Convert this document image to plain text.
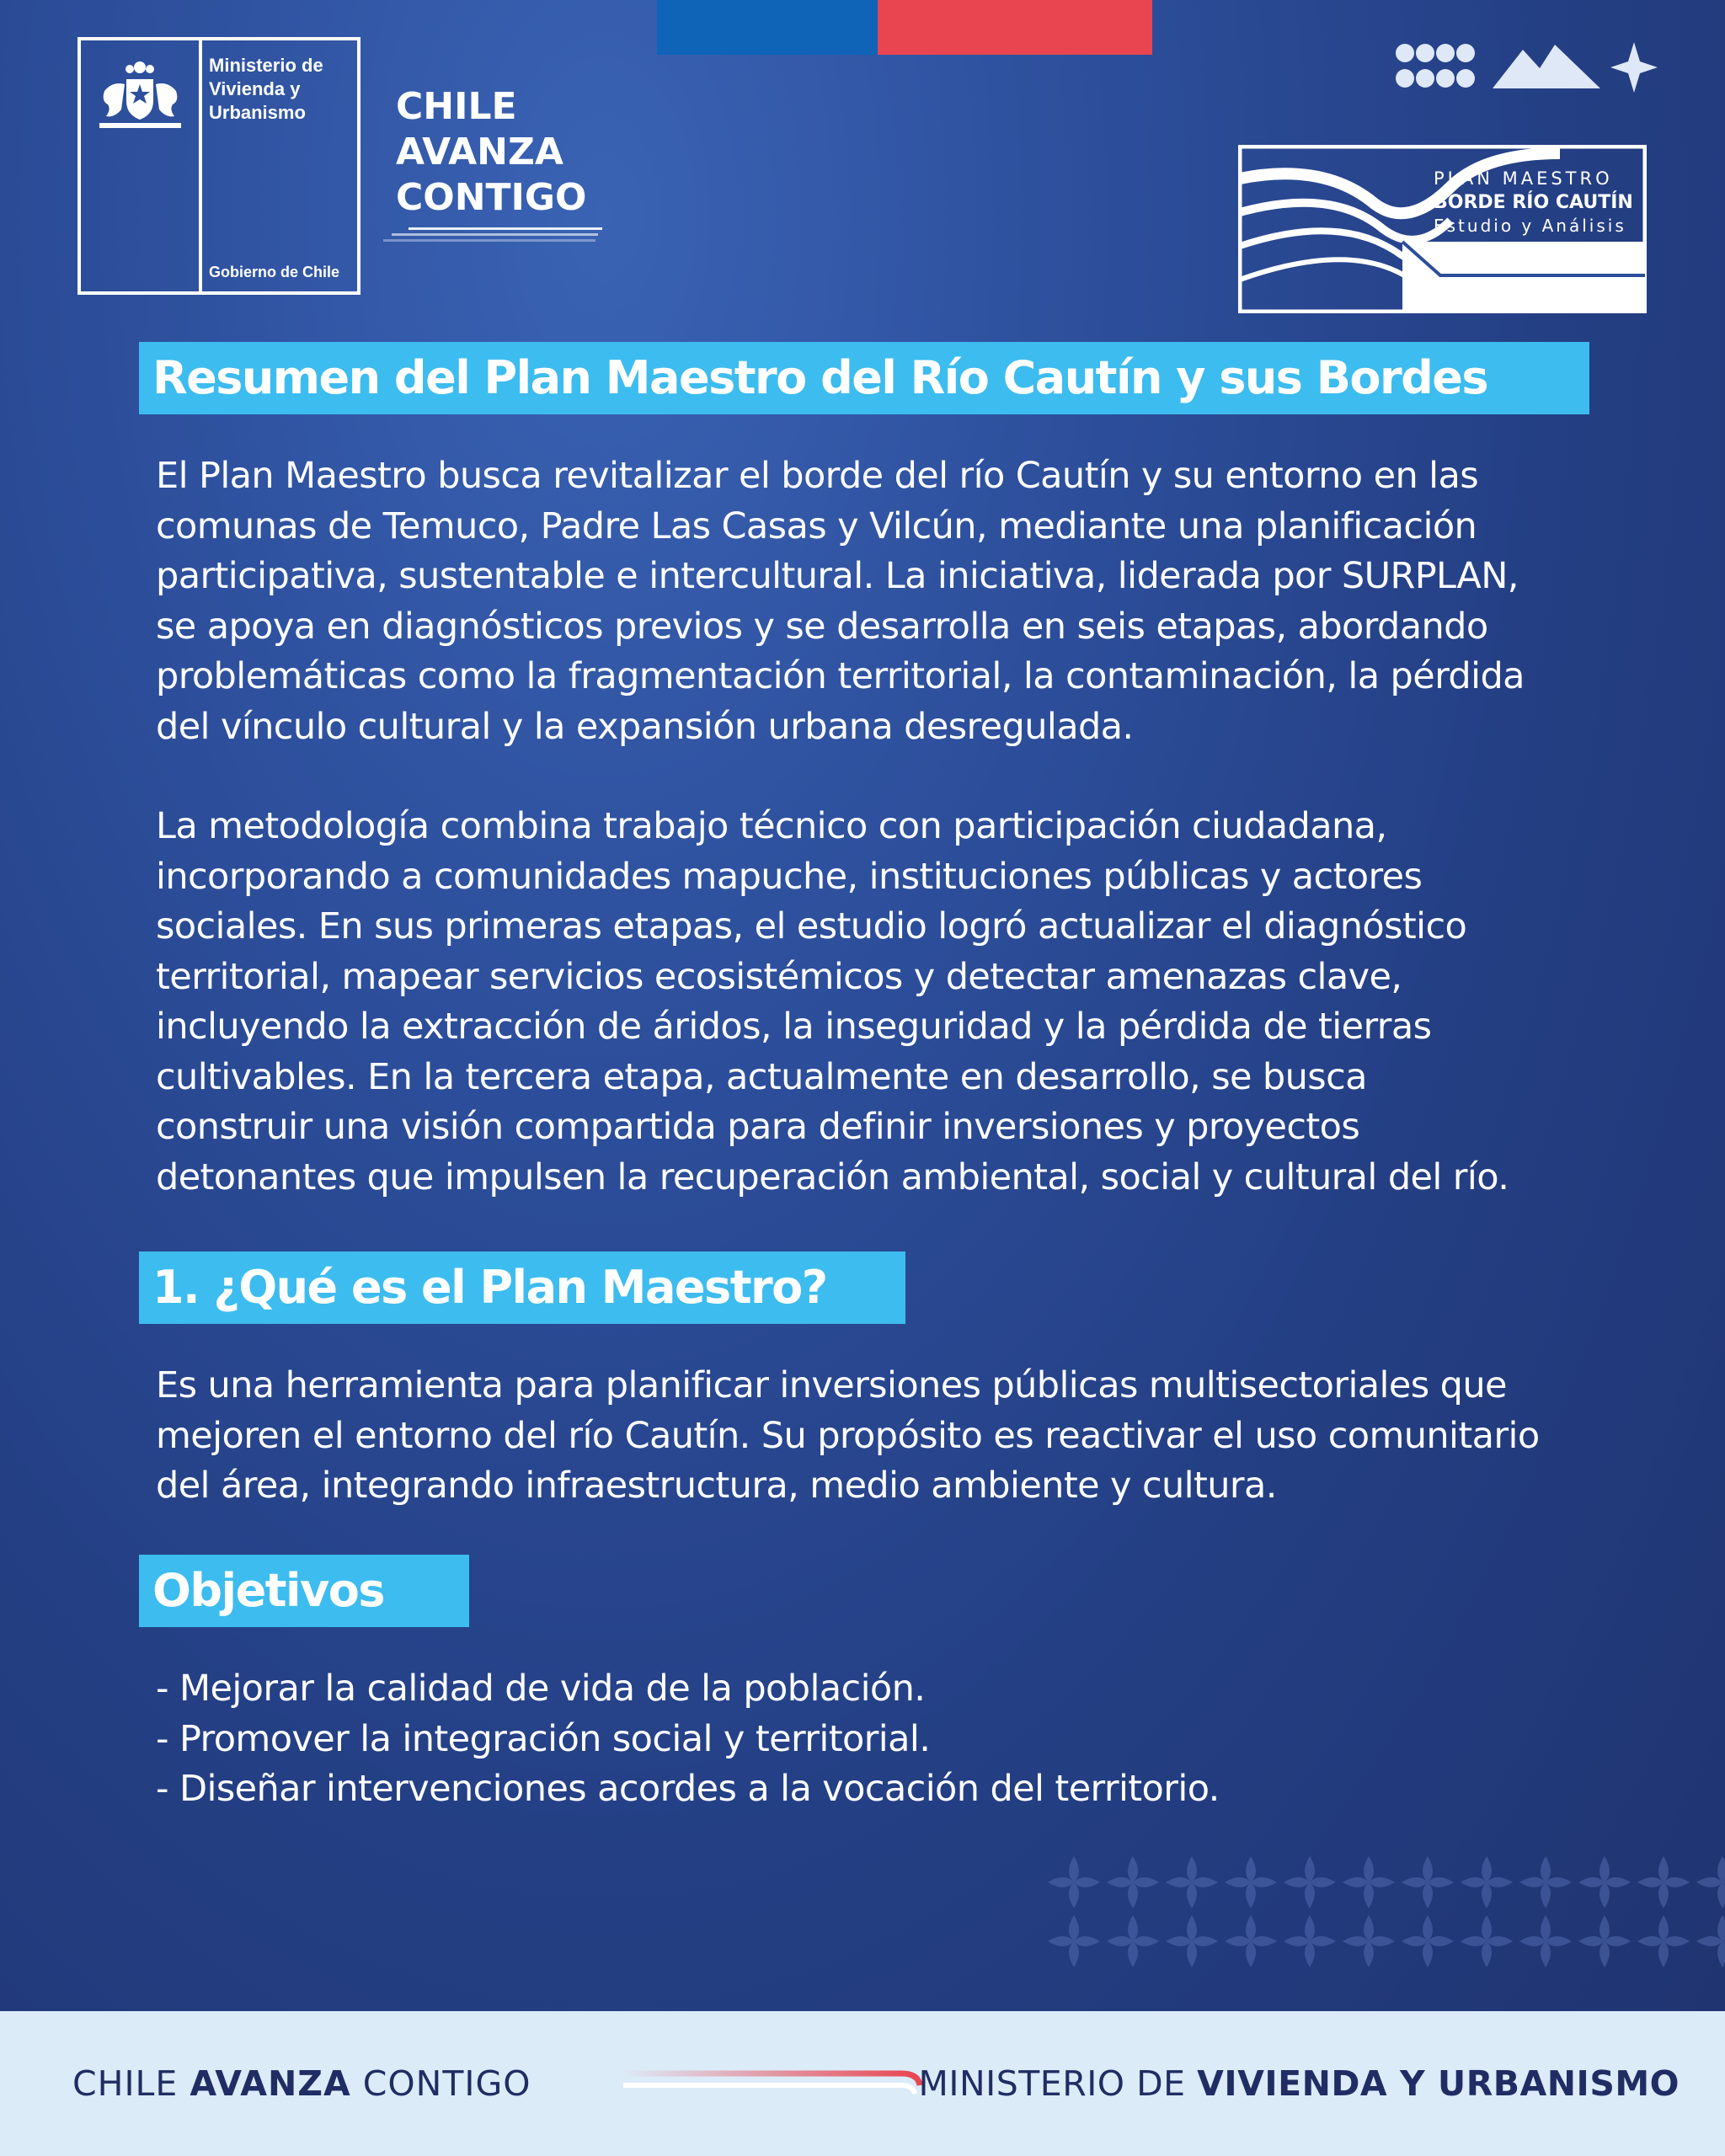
Ministerio de
Vivienda y
Urbanismo
Gobierno de Chile
CHILE
AVANZA
CONTIGO	PLAN MAESTRO
BORDE RÍO CAUTÍN
Estudio y Análisis
Resumen del Plan Maestro del Río Cautín y sus Bordes
El Plan Maestro busca revitalizar el borde del río Cautín y su entorno en las
comunas de Temuco, Padre Las Casas y Vilcún, mediante una planificación
participativa, sustentable e intercultural. La iniciativa, liderada por SURPLAN,
se apoya en diagnósticos previos y se desarrolla en seis etapas, abordando
problemáticas como la fragmentación territorial, la contaminación, la pérdida
del vínculo cultural y la expansión urbana desregulada.
La metodología combina trabajo técnico con participación ciudadana,
incorporando a comunidades mapuche, instituciones públicas y actores
sociales. En sus primeras etapas, el estudio logró actualizar el diagnóstico
territorial, mapear servicios ecosistémicos y detectar amenazas clave,
incluyendo la extracción de áridos, la inseguridad y la pérdida de tierras
cultivables. En la tercera etapa, actualmente en desarrollo, se busca
construir una visión compartida para definir inversiones y proyectos
detonantes que impulsen la recuperación ambiental, social y cultural del río.
1. ¿Qué es el Plan Maestro?
Es una herramienta para planificar inversiones públicas multisectoriales que
mejoren el entorno del río Cautín. Su propósito es reactivar el uso comunitario
del área, integrando infraestructura, medio ambiente y cultura.
Objetivos
- Mejorar la calidad de vida de la población.
- Promover la integración social y territorial.
- Diseñar intervenciones acordes a la vocación del territorio.
CHILE AVANZA CONTIGO	MINISTERIO DE VIVIENDA Y URBANISMO
